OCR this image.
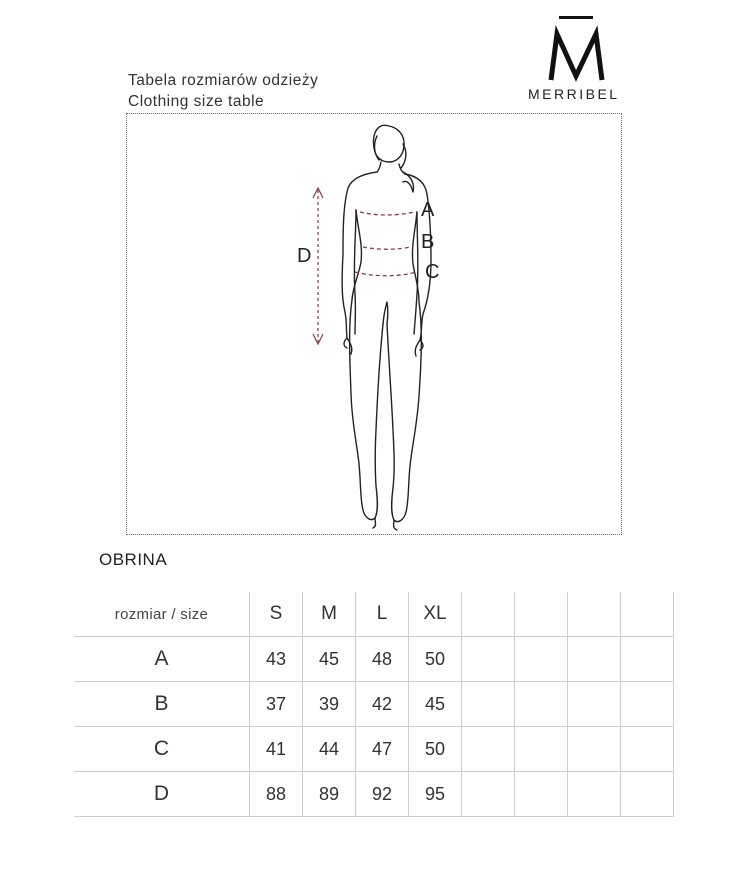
MERRIBEL
Tabela rozmiarów odzieży
Clothing size table
A
B
C
D
OBRINA
rozmiar / size	S	M	L	XL				
A	43	45	48	50				
B	37	39	42	45				
C	41	44	47	50				
D	88	89	92	95				
